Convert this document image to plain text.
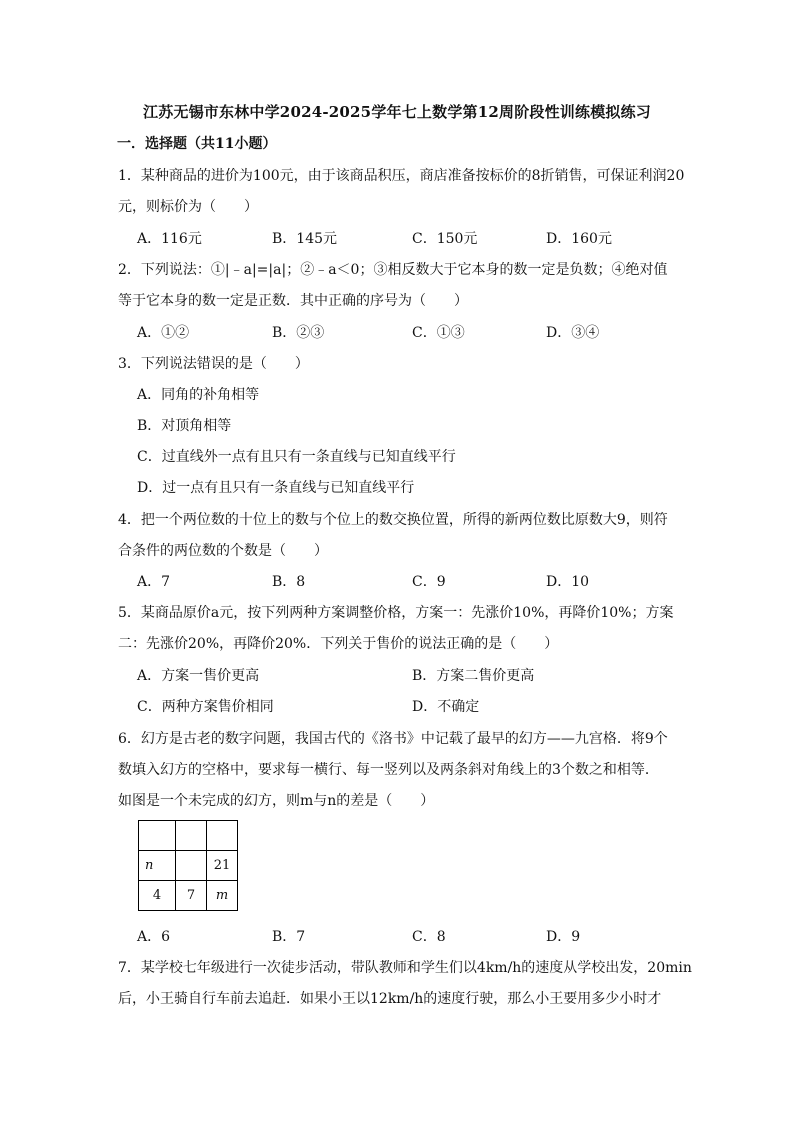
江苏无锡市东林中学2024-2025学年七上数学第12周阶段性训练模拟练习
一．选择题（共11小题）
1．某种商品的进价为100元，由于该商品积压，商店准备按标价的8折销售，可保证利润20
元，则标价为（　　）
A．116元	B．145元	C．150元	D．160元
2．下列说法：①|﹣a|=|a|；②﹣a＜0；③相反数大于它本身的数一定是负数；④绝对值
等于它本身的数一定是正数．其中正确的序号为（　　）
A．①②	B．②③	C．①③	D．③④
3．下列说法错误的是（　　）
A．同角的补角相等
B．对顶角相等
C．过直线外一点有且只有一条直线与已知直线平行
D．过一点有且只有一条直线与已知直线平行
4．把一个两位数的十位上的数与个位上的数交换位置，所得的新两位数比原数大9，则符
合条件的两位数的个数是（　　）
A．7	B．8	C．9	D．10
5．某商品原价a元，按下列两种方案调整价格，方案一：先涨价10%，再降价10%；方案
二：先涨价20%，再降价20%．下列关于售价的说法正确的是（　　）
A．方案一售价更高	B．方案二售价更高
C．两种方案售价相同	D．不确定
6．幻方是古老的数字问题，我国古代的《洛书》中记载了最早的幻方——九宫格．将9个
数填入幻方的空格中，要求每一横行、每一竖列以及两条斜对角线上的3个数之和相等．
如图是一个未完成的幻方，则m与n的差是（　　）

n		21
4	7	m
A．6	B．7	C．8	D．9
7．某学校七年级进行一次徒步活动，带队教师和学生们以4km/h的速度从学校出发，20min
后，小王骑自行车前去追赶．如果小王以12km/h的速度行驶，那么小王要用多少小时才
